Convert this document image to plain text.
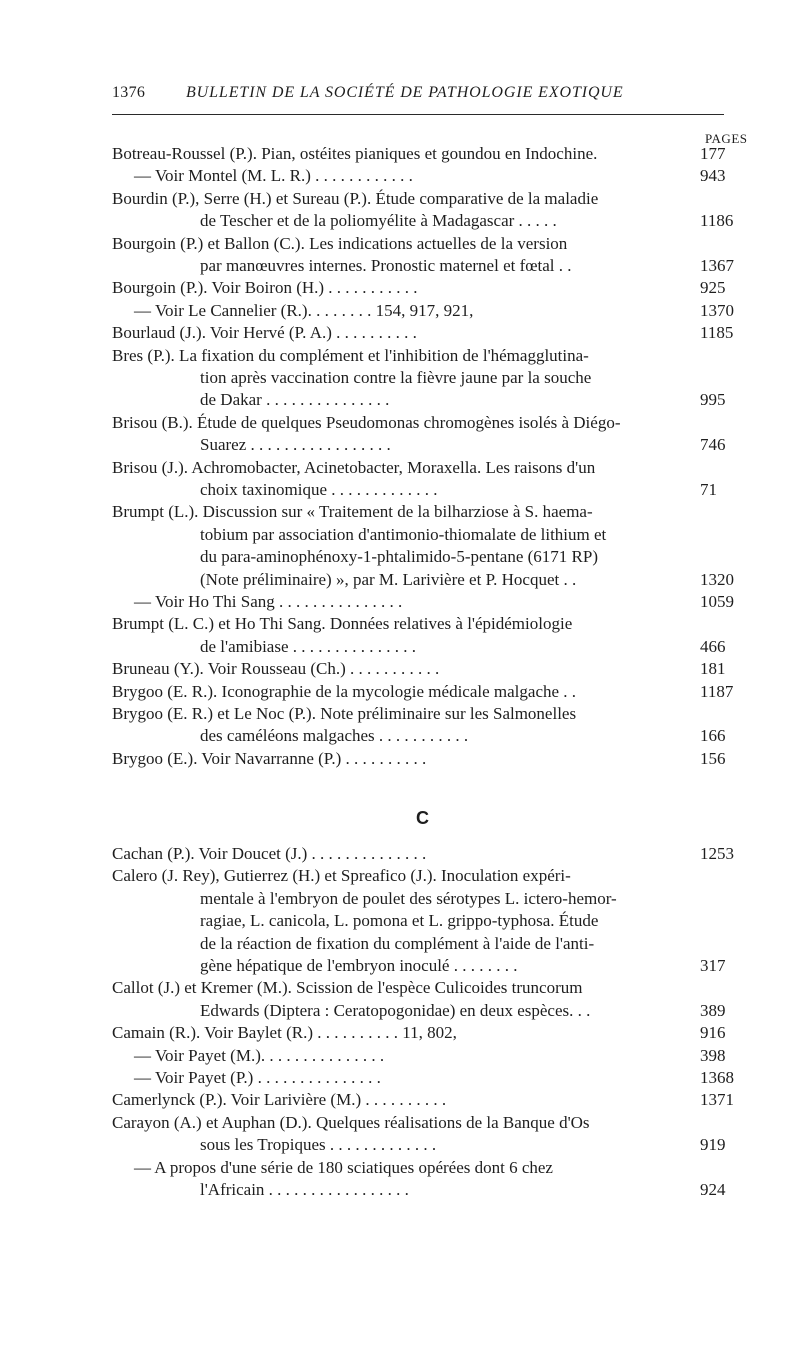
1376	BULLETIN DE LA SOCIÉTÉ DE PATHOLOGIE EXOTIQUE
PAGES
Botreau-Roussel (P.). Pian, ostéites pianiques et goundou en Indochine.	177
— Voir Montel (M. L. R.) . . . . . . . . . . . .	943
Bourdin (P.), Serre (H.) et Sureau (P.). Étude comparative de la maladie
de Tescher et de la poliomyélite à Madagascar . . . . .	1186
Bourgoin (P.) et Ballon (C.). Les indications actuelles de la version
par manœuvres internes. Pronostic maternel et fœtal . .	1367
Bourgoin (P.). Voir Boiron (H.) . . . . . . . . . . .	925
— Voir Le Cannelier (R.). . . . . . . . 154, 917, 921,	1370
Bourlaud (J.). Voir Hervé (P. A.) . . . . . . . . . .	1185
Bres (P.). La fixation du complément et l'inhibition de l'hémagglutina-
tion après vaccination contre la fièvre jaune par la souche
de Dakar . . . . . . . . . . . . . . .	995
Brisou (B.). Étude de quelques Pseudomonas chromogènes isolés à Diégo-
Suarez . . . . . . . . . . . . . . . . .	746
Brisou (J.). Achromobacter, Acinetobacter, Moraxella. Les raisons d'un
choix taxinomique . . . . . . . . . . . . .	71
Brumpt (L.). Discussion sur « Traitement de la bilharziose à S. haema-
tobium par association d'antimonio-thiomalate de lithium et
du para-aminophénoxy-1-phtalimido-5-pentane (6171 RP)
(Note préliminaire) », par M. Larivière et P. Hocquet . .	1320
— Voir Ho Thi Sang . . . . . . . . . . . . . . .	1059
Brumpt (L. C.) et Ho Thi Sang. Données relatives à l'épidémiologie
de l'amibiase . . . . . . . . . . . . . . .	466
Bruneau (Y.). Voir Rousseau (Ch.) . . . . . . . . . . .	181
Brygoo (E. R.). Iconographie de la mycologie médicale malgache . .	1187
Brygoo (E. R.) et Le Noc (P.). Note préliminaire sur les Salmonelles
des caméléons malgaches . . . . . . . . . . .	166
Brygoo (E.). Voir Navarranne (P.) . . . . . . . . . .	156
C
Cachan (P.). Voir Doucet (J.) . . . . . . . . . . . . . .	1253
Calero (J. Rey), Gutierrez (H.) et Spreafico (J.). Inoculation expéri-
mentale à l'embryon de poulet des sérotypes L. ictero-hemor-
ragiae, L. canicola, L. pomona et L. grippo-typhosa. Étude
de la réaction de fixation du complément à l'aide de l'anti-
gène hépatique de l'embryon inoculé . . . . . . . .	317
Callot (J.) et Kremer (M.). Scission de l'espèce Culicoides truncorum
Edwards (Diptera : Ceratopogonidae) en deux espèces. . .	389
Camain (R.). Voir Baylet (R.) . . . . . . . . . . 11, 802,	916
— Voir Payet (M.). . . . . . . . . . . . . . .	398
— Voir Payet (P.) . . . . . . . . . . . . . . .	1368
Camerlynck (P.). Voir Larivière (M.) . . . . . . . . . .	1371
Carayon (A.) et Auphan (D.). Quelques réalisations de la Banque d'Os
sous les Tropiques . . . . . . . . . . . . .	919
— A propos d'une série de 180 sciatiques opérées dont 6 chez
l'Africain . . . . . . . . . . . . . . . . .	924
